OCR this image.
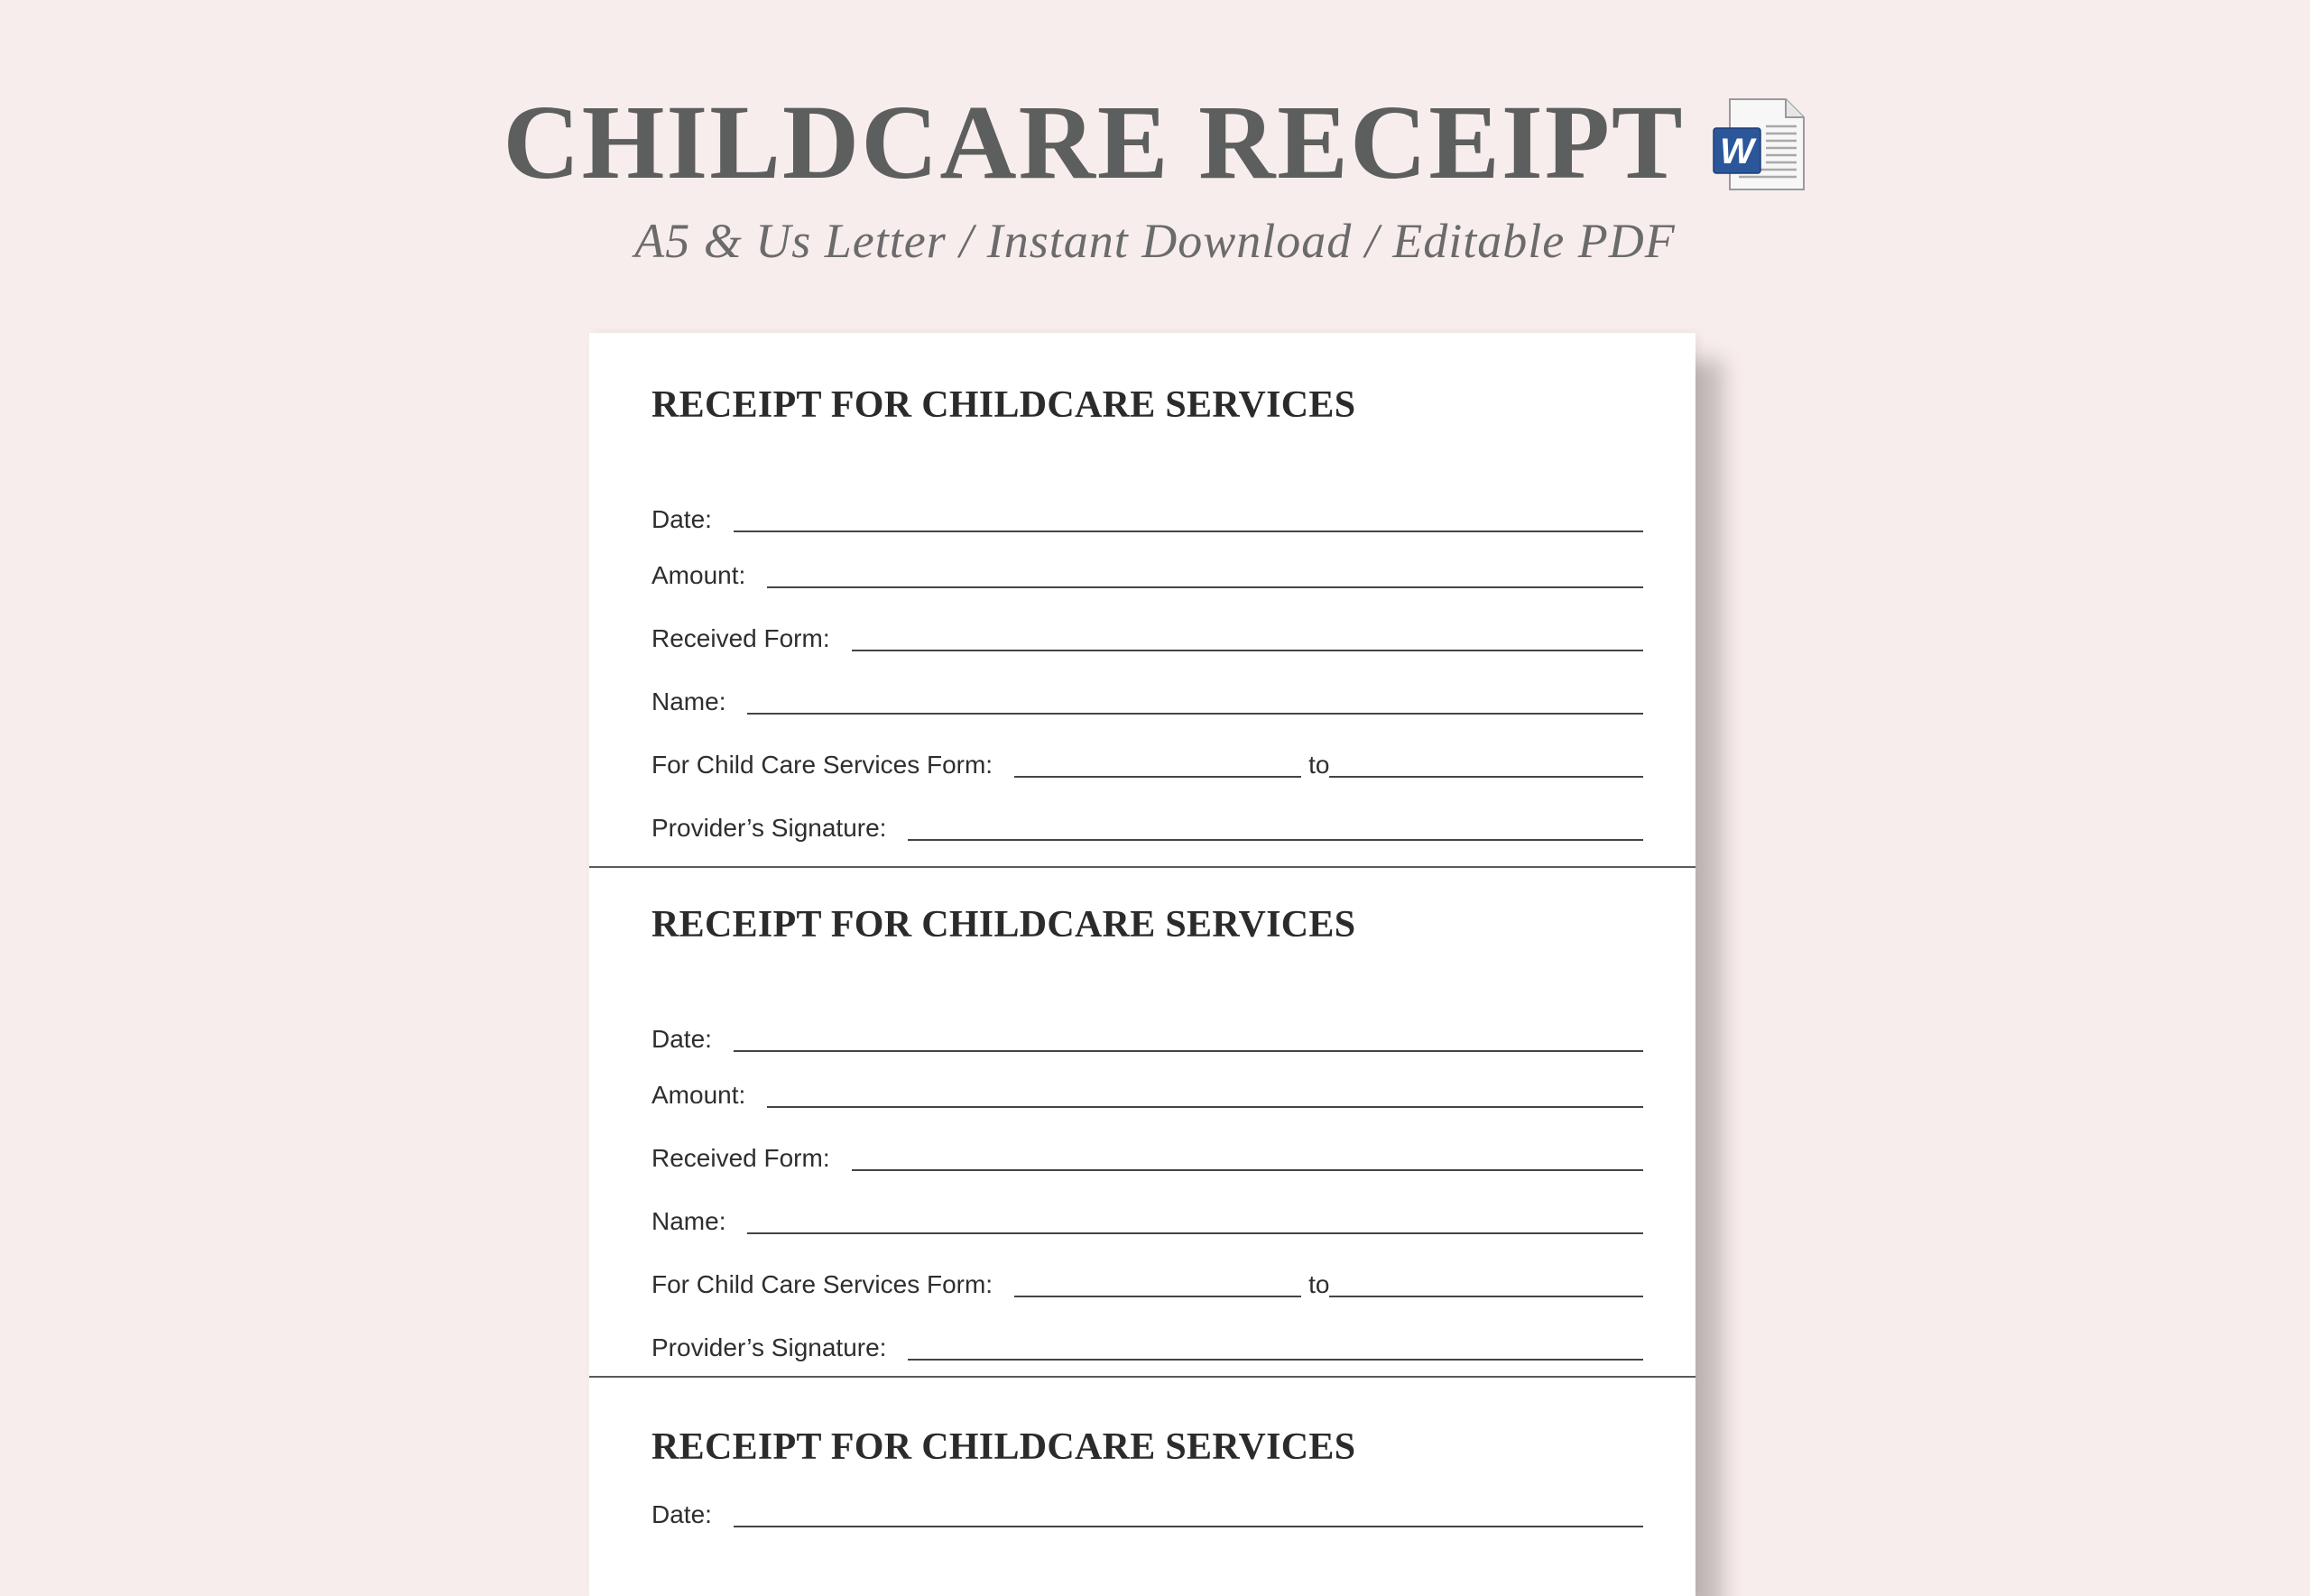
CHILDCARE RECEIPT W
A5 & Us Letter / Instant Download / Editable PDF
RECEIPT FOR CHILDCARE SERVICES
Date:
Amount:
Received Form:
Name:
For Child Care Services Form:	to
Provider’s Signature:
RECEIPT FOR CHILDCARE SERVICES
Date:
Amount:
Received Form:
Name:
For Child Care Services Form:	to
Provider’s Signature:
RECEIPT FOR CHILDCARE SERVICES
Date:
